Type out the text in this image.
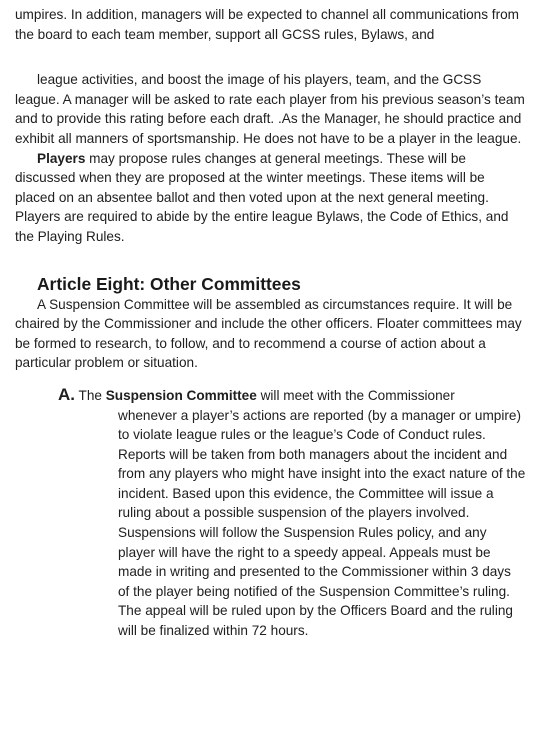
umpires. In addition, managers will be expected to channel all communications from the board to each team member, support all GCSS rules, Bylaws, and

league activities, and boost the image of his players, team, and the GCSS league. A manager will be asked to rate each player from his previous season’s team and to provide this rating before each draft. .As the Manager, he should practice and exhibit all manners of sportsmanship. He does not have to be a player in the league.

Players may propose rules changes at general meetings. These will be discussed when they are proposed at the winter meetings. These items will be placed on an absentee ballot and then voted upon at the next general meeting. Players are required to abide by the entire league Bylaws, the Code of Ethics, and the Playing Rules.

Article Eight: Other Committees

A Suspension Committee will be assembled as circumstances require. It will be chaired by the Commissioner and include the other officers. Floater committees may be formed to research, to follow, and to recommend a course of action about a particular problem or situation.

A. The Suspension Committee will meet with the Commissioner

whenever a player’s actions are reported (by a manager or umpire) to violate league rules or the league’s Code of Conduct rules. Reports will be taken from both managers about the incident and from any players who might have insight into the exact nature of the incident. Based upon this evidence, the Committee will issue a ruling about a possible suspension of the players involved. Suspensions will follow the Suspension Rules policy, and any player will have the right to a speedy appeal. Appeals must be made in writing and presented to the Commissioner within 3 days of the player being notified of the Suspension Committee’s ruling. The appeal will be ruled upon by the Officers Board and the ruling will be finalized within 72 hours.
